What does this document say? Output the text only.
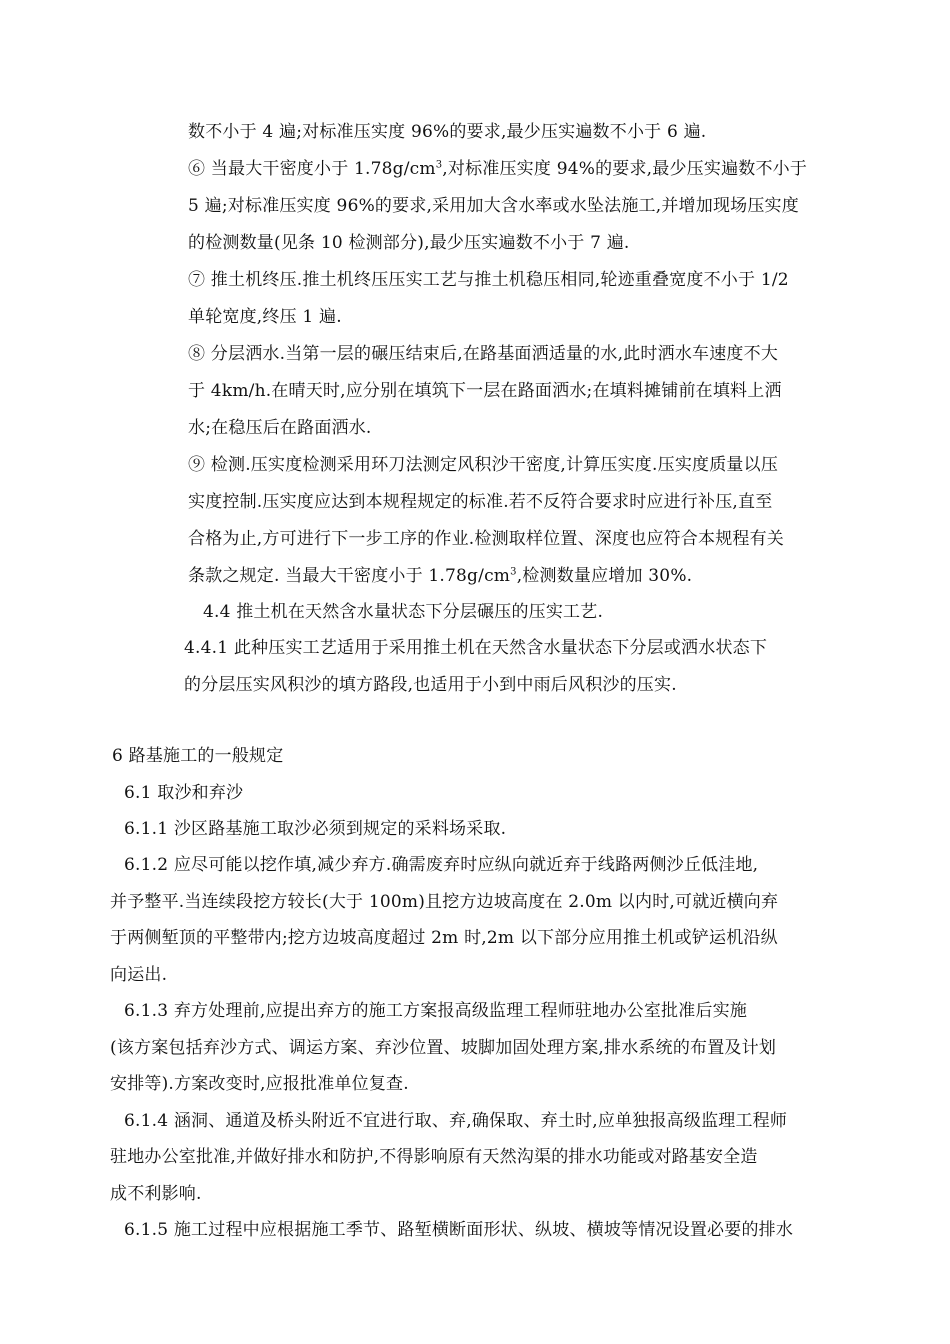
数不小于 4 遍;对标准压实度 96%的要求,最少压实遍数不小于 6 遍.
⑥ 当最大干密度小于 $1.78g/cm^3$,对标准压实度 94%的要求,最少压实遍数不小于
5 遍;对标准压实度 96%的要求,采用加大含水率或水坠法施工,并增加现场压实度
的检测数量(见条 10 检测部分),最少压实遍数不小于 7 遍.
⑦ 推土机终压.推土机终压压实工艺与推土机稳压相同,轮迹重叠宽度不小于 1/2
单轮宽度,终压 1 遍.
⑧ 分层洒水.当第一层的碾压结束后,在路基面洒适量的水,此时洒水车速度不大
于 4km/h.在晴天时,应分别在填筑下一层在路面洒水;在填料摊铺前在填料上洒
水;在稳压后在路面洒水.
⑨ 检测.压实度检测采用环刀法测定风积沙干密度,计算压实度.压实度质量以压
实度控制.压实度应达到本规程规定的标准.若不反符合要求时应进行补压,直至
合格为止,方可进行下一步工序的作业.检测取样位置、深度也应符合本规程有关
条款之规定. 当最大干密度小于 $1.78g/cm^3$,检测数量应增加 30%.
4.4 推土机在天然含水量状态下分层碾压的压实工艺.
4.4.1 此种压实工艺适用于采用推土机在天然含水量状态下分层或洒水状态下
的分层压实风积沙的填方路段,也适用于小到中雨后风积沙的压实.
6 路基施工的一般规定
6.1 取沙和弃沙
6.1.1 沙区路基施工取沙必须到规定的采料场采取.
6.1.2 应尽可能以挖作填,减少弃方.确需废弃时应纵向就近弃于线路两侧沙丘低洼地,
并予整平.当连续段挖方较长(大于 100m)且挖方边坡高度在 2.0m 以内时,可就近横向弃
于两侧堑顶的平整带内;挖方边坡高度超过 2m 时,2m 以下部分应用推土机或铲运机沿纵
向运出.
6.1.3 弃方处理前,应提出弃方的施工方案报高级监理工程师驻地办公室批准后实施
(该方案包括弃沙方式、调运方案、弃沙位置、坡脚加固处理方案,排水系统的布置及计划
安排等).方案改变时,应报批准单位复查.
6.1.4 涵洞、通道及桥头附近不宜进行取、弃,确保取、弃土时,应单独报高级监理工程师
驻地办公室批准,并做好排水和防护,不得影响原有天然沟渠的排水功能或对路基安全造
成不利影响.
6.1.5 施工过程中应根据施工季节、路堑横断面形状、纵坡、横坡等情况设置必要的排水
